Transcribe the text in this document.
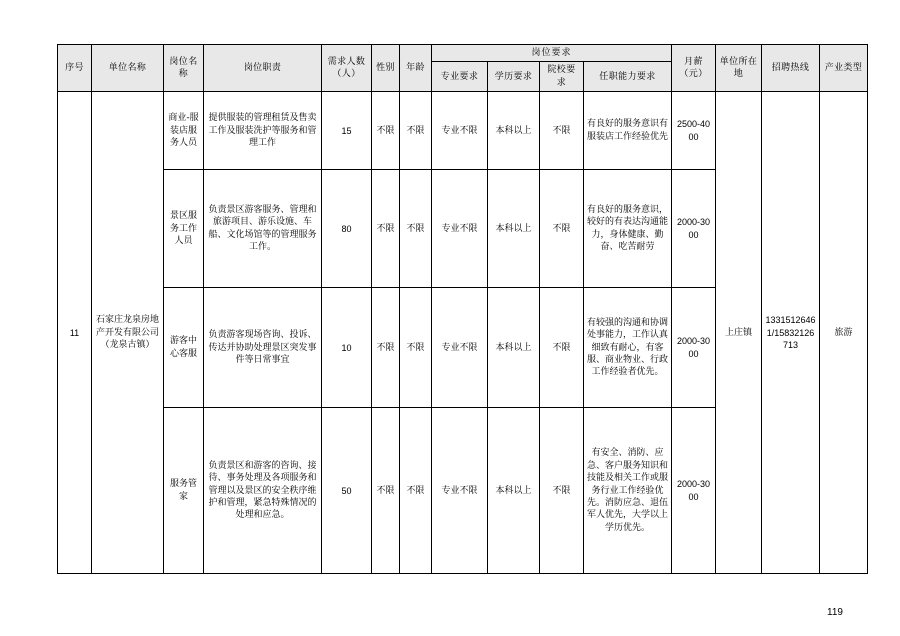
序号	单位名称	岗位名称	岗位职责	需求人数（人）	性别	年龄	岗位要求				月薪（元）	单位所在地	招聘热线	产业类型
							专业要求	学历要求	院校要求	任职能力要求				
11	石家庄龙泉房地产开发有限公司（龙泉古镇）	商业-服装店服务人员	提供服装的管理租赁及售卖工作及服装洗护等服务和管理工作	15	不限	不限	专业不限	本科以上	不限	有良好的服务意识有服装店工作经验优先	2500-4000	上庄镇	13315126461/15832126713	旅游
		景区服务工作人员	负责景区游客服务、管理和旅游项目、游乐设施、车船、文化场馆等的管理服务工作。	80	不限	不限	专业不限	本科以上	不限	有良好的服务意识，较好的有表达沟通能力，身体健康、勤奋、吃苦耐劳	2000-3000			
		游客中心客服	负责游客现场咨询、投诉、传达并协助处理景区突发事件等日常事宜	10	不限	不限	专业不限	本科以上	不限	有较强的沟通和协调处事能力，工作认真细致有耐心，有客服、商业物业、行政工作经验者优先。	2000-3000			
		服务管家	负责景区和游客的咨询、接待、事务处理及各项服务和管理以及景区的安全秩序维护和管理，紧急特殊情况的处理和应急。	50	不限	不限	专业不限	本科以上	不限	有安全、消防、应急、客户服务知识和技能及相关工作或服务行业工作经验优先。消防应急、退伍军人优先，大学以上学历优先。	2000-3000			
119
